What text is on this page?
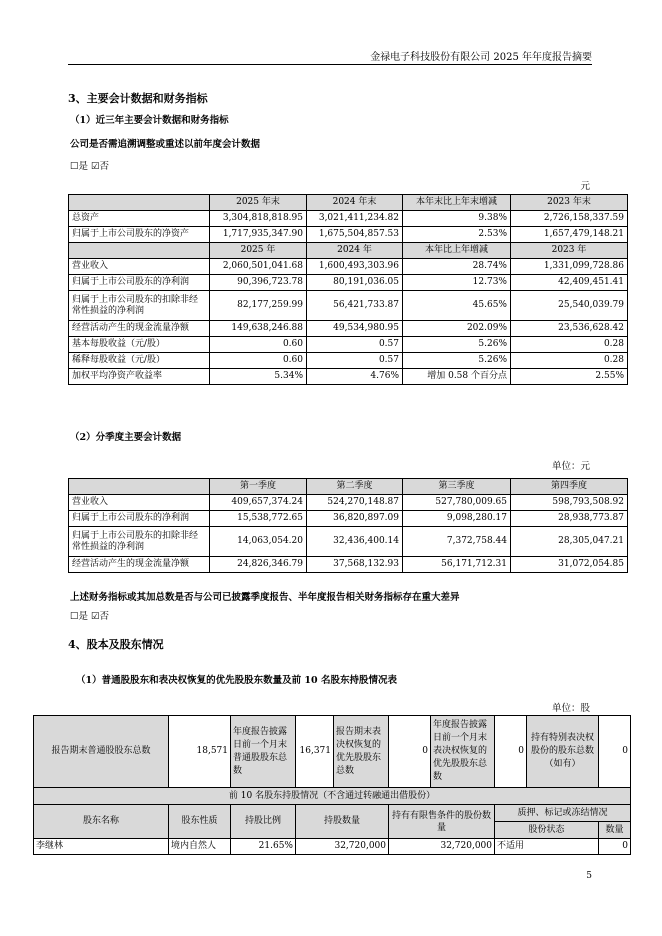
金禄电子科技股份有限公司 2025 年年度报告摘要
3、主要会计数据和财务指标
（1）近三年主要会计数据和财务指标
公司是否需追溯调整或重述以前年度会计数据
☐是 ☑否
元
	2025 年末	2024 年末	本年末比上年末增减	2023 年末
总资产	3,304,818,818.95	3,021,411,234.82	9.38%	2,726,158,337.59
归属于上市公司股东的净资产	1,717,935,347.90	1,675,504,857.53	2.53%	1,657,479,148.21
	2025 年	2024 年	本年比上年增减	2023 年
营业收入	2,060,501,041.68	1,600,493,303.96	28.74%	1,331,099,728.86
归属于上市公司股东的净利润	90,396,723.78	80,191,036.05	12.73%	42,409,451.41
归属于上市公司股东的扣除非经常性损益的净利润	82,177,259.99	56,421,733.87	45.65%	25,540,039.79
经营活动产生的现金流量净额	149,638,246.88	49,534,980.95	202.09%	23,536,628.42
基本每股收益（元/股）	0.60	0.57	5.26%	0.28
稀释每股收益（元/股）	0.60	0.57	5.26%	0.28
加权平均净资产收益率	5.34%	4.76%	增加 0.58 个百分点	2.55%
（2）分季度主要会计数据
单位：元
	第一季度	第二季度	第三季度	第四季度
营业收入	409,657,374.24	524,270,148.87	527,780,009.65	598,793,508.92
归属于上市公司股东的净利润	15,538,772.65	36,820,897.09	9,098,280.17	28,938,773.87
归属于上市公司股东的扣除非经常性损益的净利润	14,063,054.20	32,436,400.14	7,372,758.44	28,305,047.21
经营活动产生的现金流量净额	24,826,346.79	37,568,132.93	56,171,712.31	31,072,054.85
上述财务指标或其加总数是否与公司已披露季度报告、半年度报告相关财务指标存在重大差异
☐是 ☑否
4、股本及股东情况
（1）普通股股东和表决权恢复的优先股股东数量及前 10 名股东持股情况表
单位：股
报告期末普通股股东总数	18,571	年度报告披露日前一个月末普通股股东总数	16,371	报告期末表决权恢复的优先股股东总数	0	年度报告披露日前一个月末表决权恢复的优先股股东总数	0	持有特别表决权股份的股东总数（如有）	0
前 10 名股东持股情况（不含通过转融通出借股份）									
股东名称	股东性质	持股比例	持股数量		持有有限售条件的股份数量		质押、标记或冻结情况		
							股份状态		数量
李继林	境内自然人	21.65%	32,720,000		32,720,000		不适用		0
5
